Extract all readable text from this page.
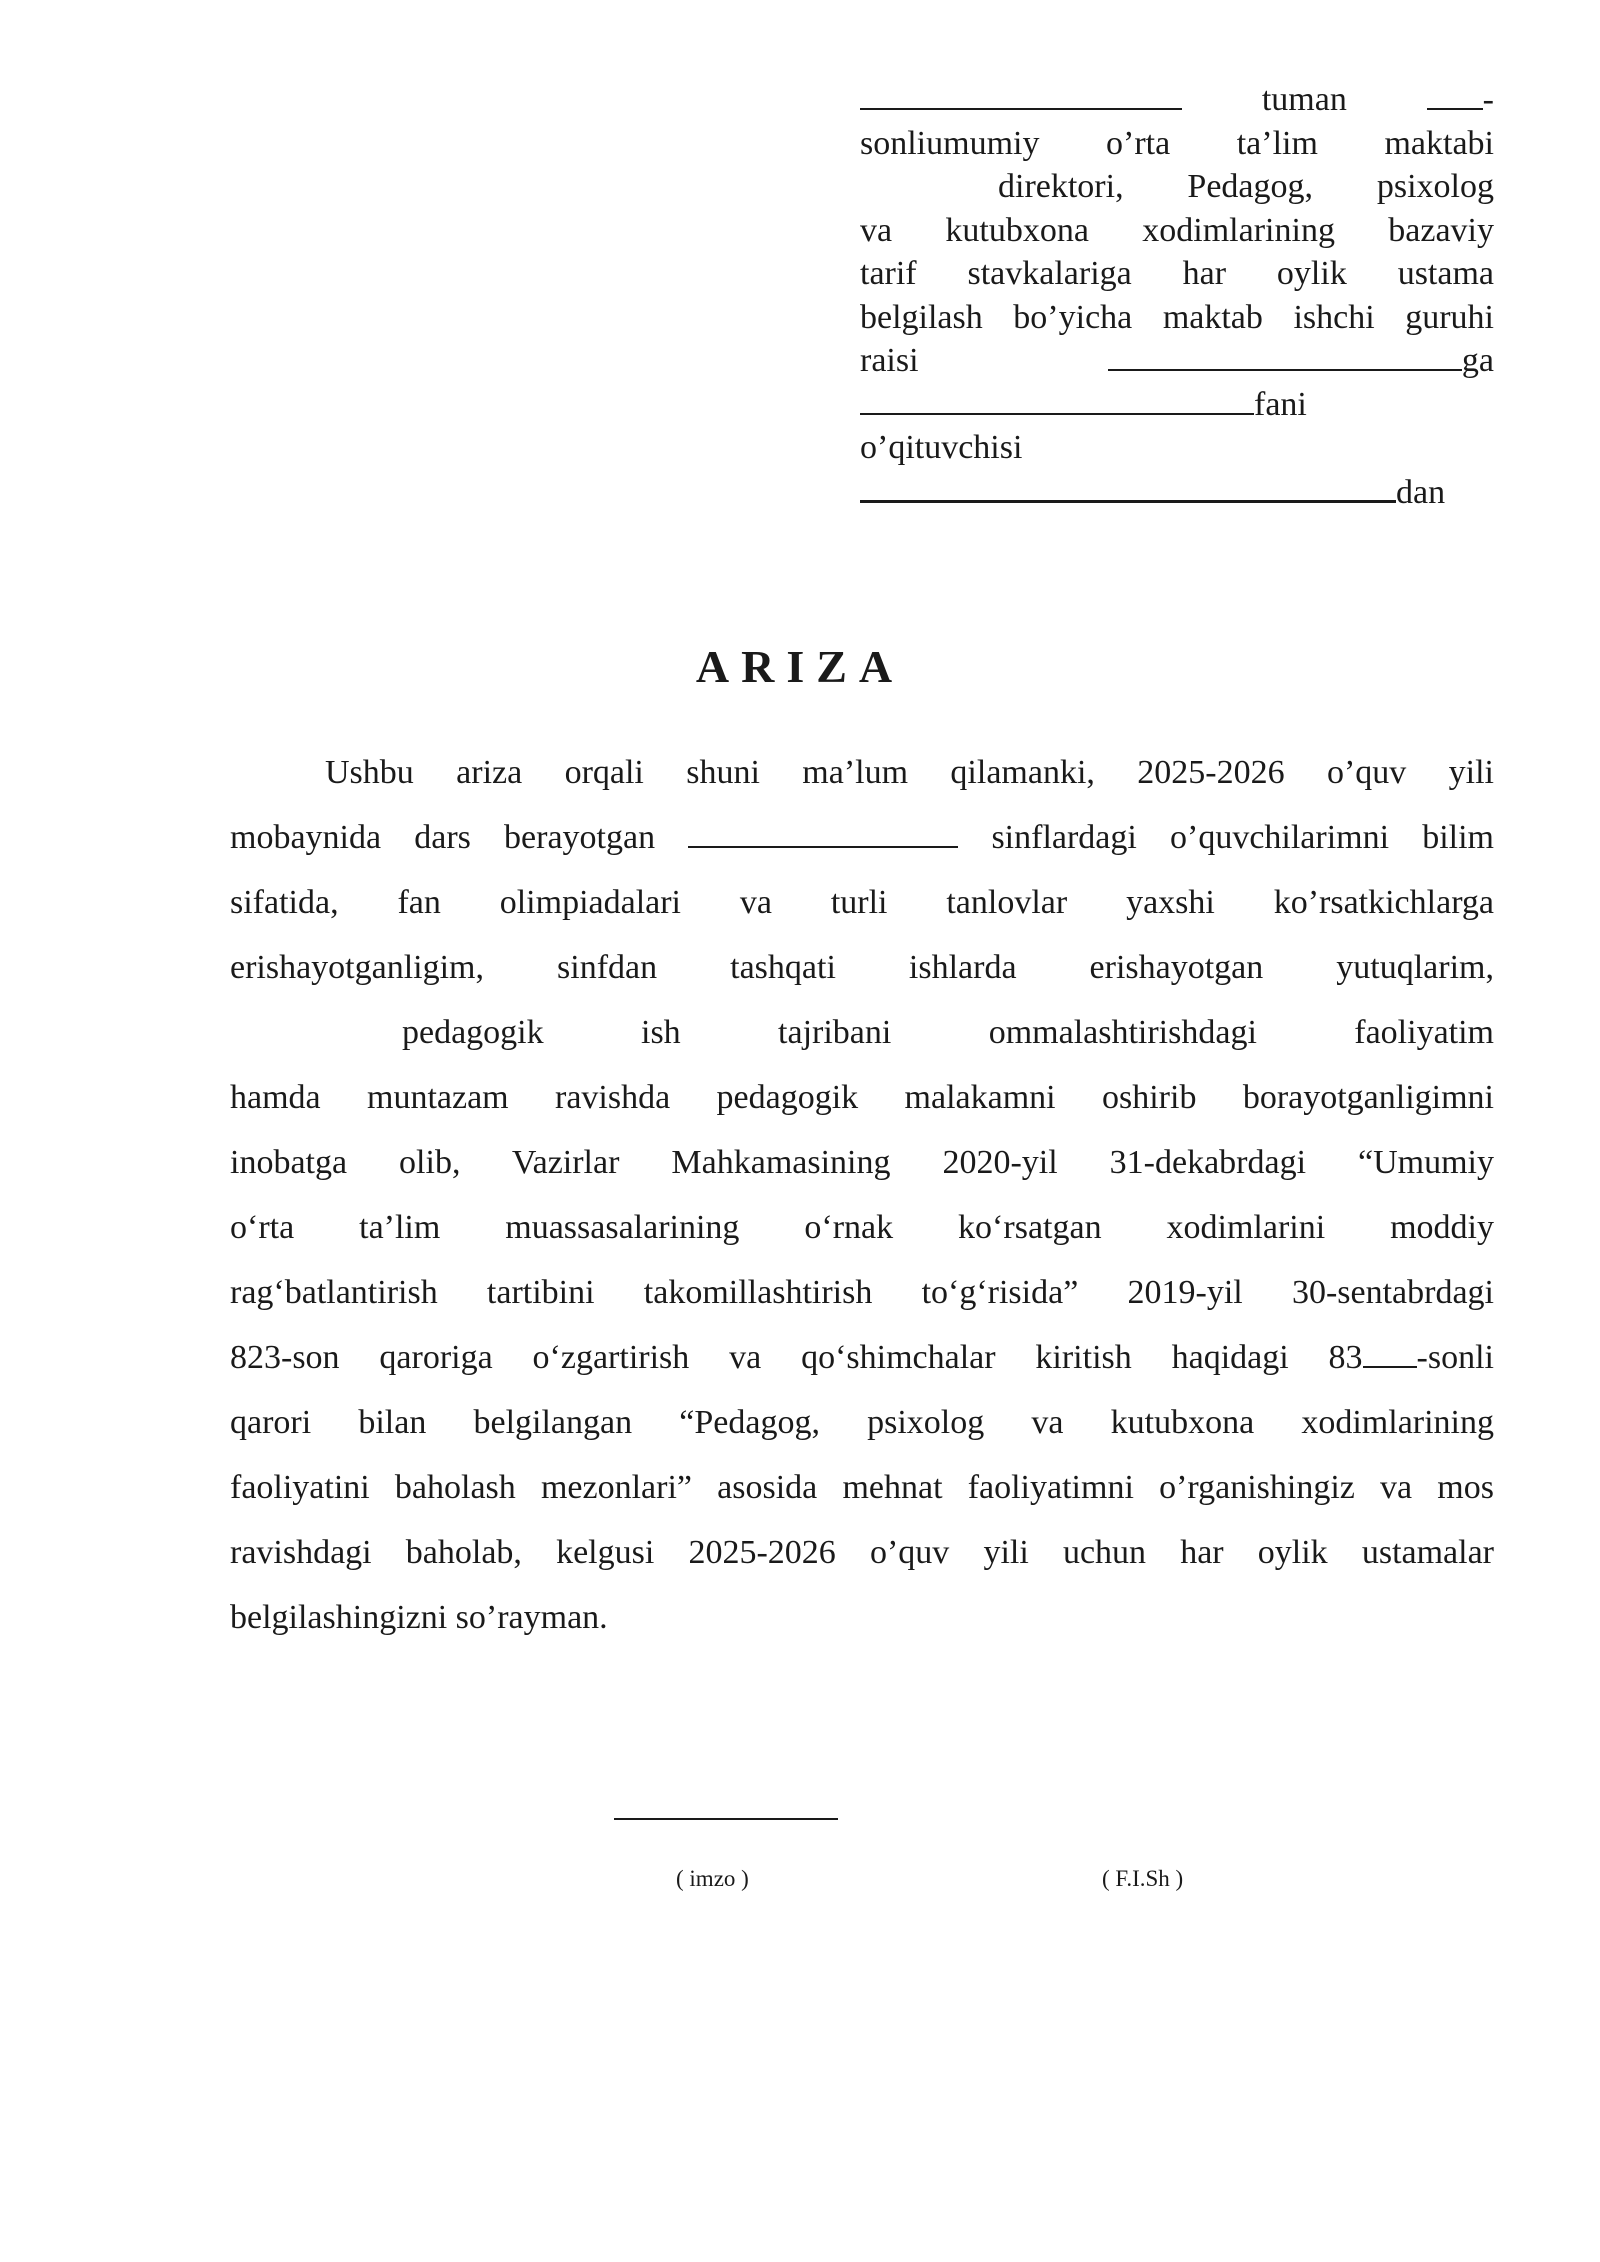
tuman	-
sonliumumiy o’rta ta’lim maktabi
direktori, Pedagog, psixolog
va kutubxona xodimlarining bazaviy
tarif stavkalariga har oylik ustama
belgilash bo’yicha maktab ishchi guruhi
raisi	ga
fani
o’qituvchisi
dan
ARIZA
Ushbu ariza orqali shuni ma’lum qilamanki, 2025-2026 o’quv yili
mobaynida dars berayotgan	sinflardagi o’quvchilarimni bilim
sifatida, fan olimpiadalari va turli tanlovlar yaxshi ko’rsatkichlarga
erishayotganligim, sinfdan tashqati ishlarda erishayotgan yutuqlarim,
pedagogik ish tajribani ommalashtirishdagi faoliyatim
hamda muntazam ravishda pedagogik malakamni oshirib borayotganligimni
inobatga olib, Vazirlar Mahkamasining 2020-yil 31-dekabrdagi “Umumiy
o‘rta ta’lim muassasalarining o‘rnak ko‘rsatgan xodimlarini moddiy
rag‘batlantirish tartibini takomillashtirish to‘g‘risida” 2019-yil 30-sentabrdagi
823-son qaroriga o‘zgartirish va qo‘shimchalar kiritish haqidagi 83 -sonli
qarori bilan belgilangan “Pedagog, psixolog va kutubxona xodimlarining
faoliyatini baholash mezonlari” asosida mehnat faoliyatimni o’rganishingiz va mos
ravishdagi baholab, kelgusi 2025-2026 o’quv yili uchun har oylik ustamalar
belgilashingizni so’rayman.
( imzo )	( F.I.Sh )
